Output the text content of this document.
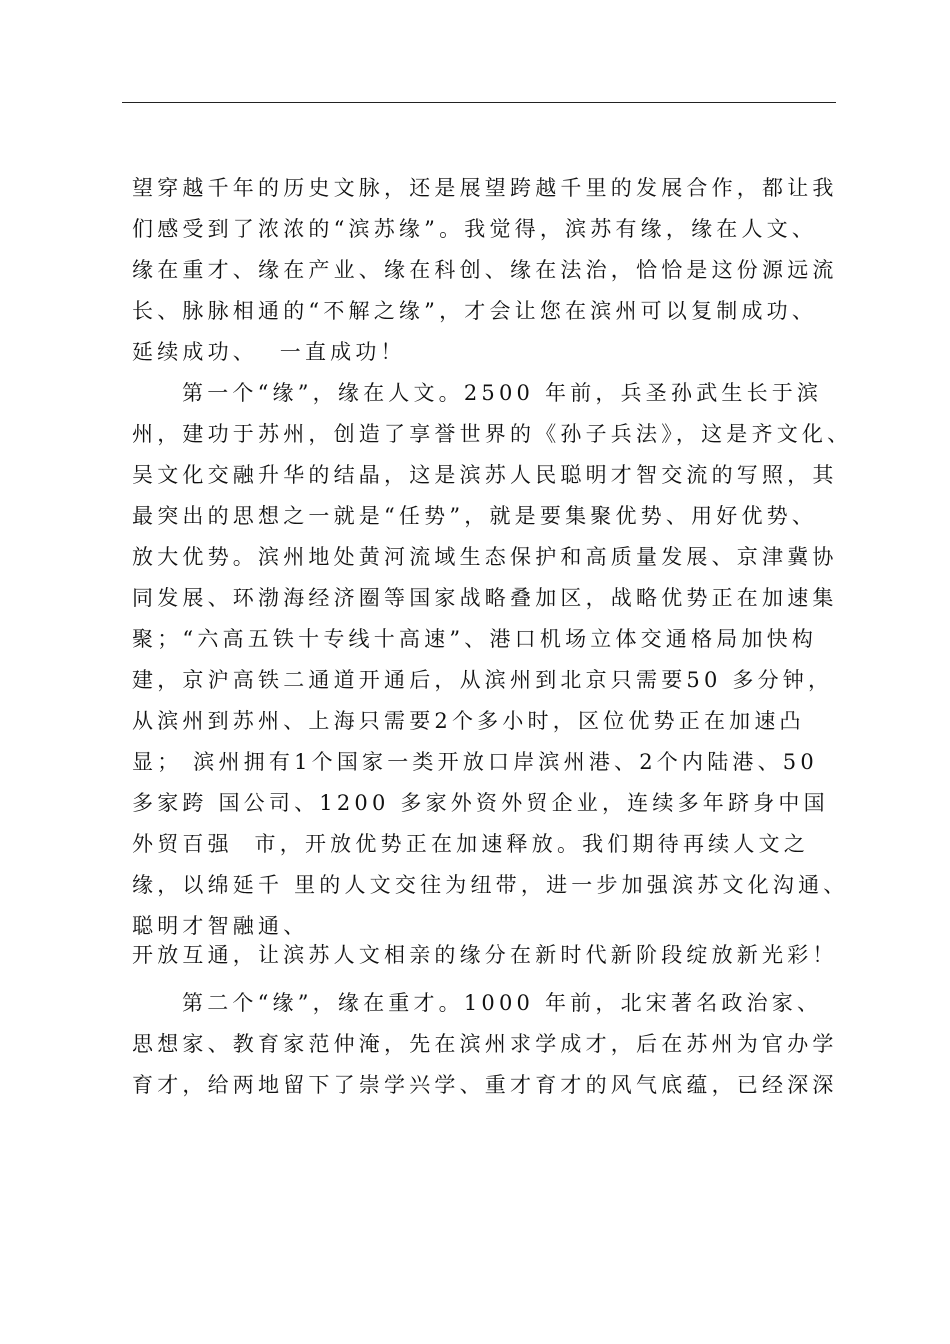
望穿越千年的历史文脉，还是展望跨越千里的发展合作，都让我
们感受到了浓浓的“滨苏缘”。我觉得，滨苏有缘，缘在人文、
缘在重才、缘在产业、缘在科创、缘在法治，恰恰是这份源远流
长、脉脉相通的“不解之缘”，才会让您在滨州可以复制成功、
延续成功、  一直成功！
第一个“缘”，缘在人文。2500 年前，兵圣孙武生长于滨
州，建功于苏州，创造了享誉世界的《孙子兵法》，这是齐文化、
吴文化交融升华的结晶，这是滨苏人民聪明才智交流的写照，其
最突出的思想之一就是“任势”，就是要集聚优势、用好优势、
放大优势。滨州地处黄河流域生态保护和高质量发展、京津冀协
同发展、环渤海经济圈等国家战略叠加区，战略优势正在加速集
聚；“六高五铁十专线十高速”、港口机场立体交通格局加快构
建，京沪高铁二通道开通后，从滨州到北京只需要50 多分钟，
从滨州到苏州、上海只需要2个多小时，区位优势正在加速凸
显； 滨州拥有1个国家一类开放口岸滨州港、2个内陆港、50
多家跨 国公司、1200 多家外资外贸企业，连续多年跻身中国
外贸百强  市，开放优势正在加速释放。我们期待再续人文之
缘，以绵延千 里的人文交往为纽带，进一步加强滨苏文化沟通、
聪明才智融通、
开放互通，让滨苏人文相亲的缘分在新时代新阶段绽放新光彩！
第二个“缘”，缘在重才。1000 年前，北宋著名政治家、
思想家、教育家范仲淹，先在滨州求学成才，后在苏州为官办学
育才，给两地留下了崇学兴学、重才育才的风气底蕴，已经深深
